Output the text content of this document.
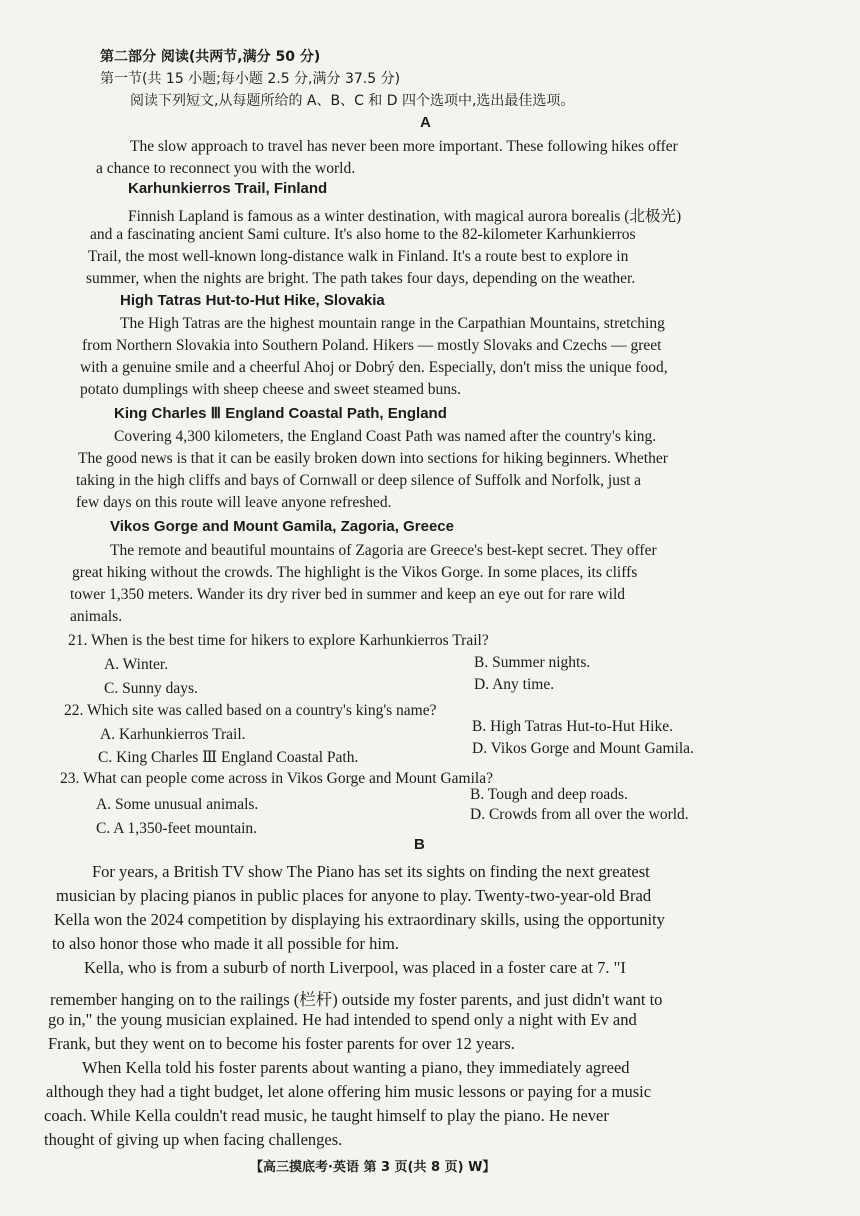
第二部分 阅读(共两节,满分 50 分)
第一节(共 15 小题;每小题 2.5 分,满分 37.5 分)
阅读下列短文,从每题所给的 A、B、C 和 D 四个选项中,选出最佳选项。
A
The slow approach to travel has never been more important. These following hikes offer
a chance to reconnect you with the world.
Karhunkierros Trail, Finland
Finnish Lapland is famous as a winter destination, with magical aurora borealis (北极光)
and a fascinating ancient Sami culture. It's also home to the 82-kilometer Karhunkierros
Trail, the most well-known long-distance walk in Finland. It's a route best to explore in
summer, when the nights are bright. The path takes four days, depending on the weather.
High Tatras Hut-to-Hut Hike, Slovakia
The High Tatras are the highest mountain range in the Carpathian Mountains, stretching
from Northern Slovakia into Southern Poland. Hikers — mostly Slovaks and Czechs — greet
with a genuine smile and a cheerful Ahoj or Dobrý den. Especially, don't miss the unique food,
potato dumplings with sheep cheese and sweet steamed buns.
King Charles Ⅲ England Coastal Path, England
Covering 4,300 kilometers, the England Coast Path was named after the country's king.
The good news is that it can be easily broken down into sections for hiking beginners. Whether
taking in the high cliffs and bays of Cornwall or deep silence of Suffolk and Norfolk, just a
few days on this route will leave anyone refreshed.
Vikos Gorge and Mount Gamila, Zagoria, Greece
The remote and beautiful mountains of Zagoria are Greece's best-kept secret. They offer
great hiking without the crowds. The highlight is the Vikos Gorge. In some places, its cliffs
tower 1,350 meters. Wander its dry river bed in summer and keep an eye out for rare wild
animals.
21. When is the best time for hikers to explore Karhunkierros Trail?
A. Winter.	B. Summer nights.
C. Sunny days.	D. Any time.
22. Which site was called based on a country's king's name?
A. Karhunkierros Trail.	B. High Tatras Hut-to-Hut Hike.
C. King Charles Ⅲ England Coastal Path.
D. Vikos Gorge and Mount Gamila.
23. What can people come across in Vikos Gorge and Mount Gamila?
A. Some unusual animals.
B. Tough and deep roads.
C. A 1,350-feet mountain.
D. Crowds from all over the world.
B
For years, a British TV show The Piano has set its sights on finding the next greatest
musician by placing pianos in public places for anyone to play. Twenty-two-year-old Brad
Kella won the 2024 competition by displaying his extraordinary skills, using the opportunity
to also honor those who made it all possible for him.
Kella, who is from a suburb of north Liverpool, was placed in a foster care at 7. "I
remember hanging on to the railings (栏杆) outside my foster parents, and just didn't want to
go in," the young musician explained. He had intended to spend only a night with Ev and
Frank, but they went on to become his foster parents for over 12 years.
When Kella told his foster parents about wanting a piano, they immediately agreed
although they had a tight budget, let alone offering him music lessons or paying for a music
coach. While Kella couldn't read music, he taught himself to play the piano. He never
thought of giving up when facing challenges.
【高三摸底考·英语 第 3 页(共 8 页) W】
